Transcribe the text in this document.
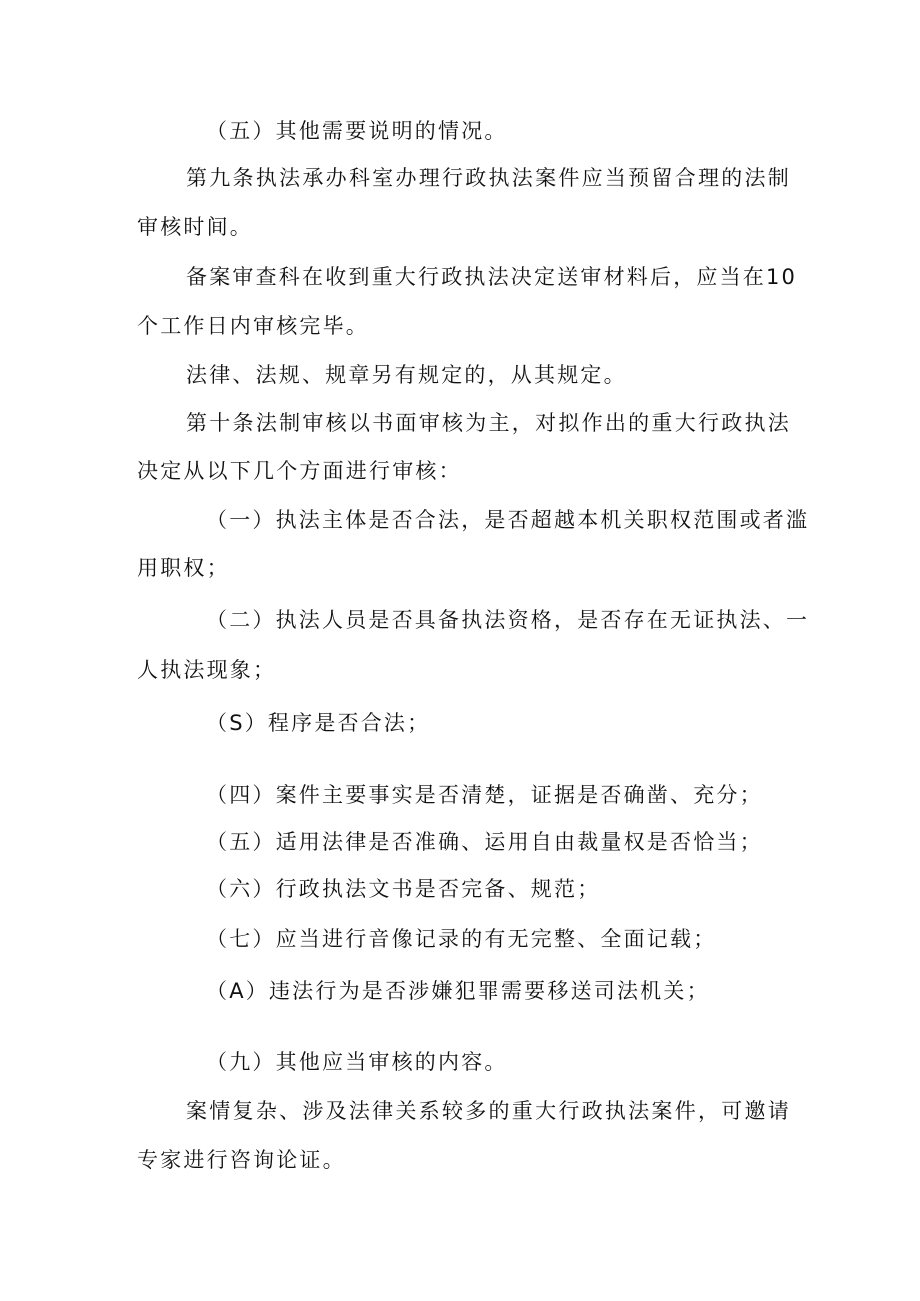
（五）其他需要说明的情况。
第九条执法承办科室办理行政执法案件应当预留合理的法制
审核时间。
备案审查科在收到重大行政执法决定送审材料后，应当在10
个工作日内审核完毕。
法律、法规、规章另有规定的，从其规定。
第十条法制审核以书面审核为主，对拟作出的重大行政执法
决定从以下几个方面进行审核：
（一）执法主体是否合法，是否超越本机关职权范围或者滥
用职权；
（二）执法人员是否具备执法资格，是否存在无证执法、一
人执法现象；
（S）程序是否合法；
（四）案件主要事实是否清楚，证据是否确凿、充分；
（五）适用法律是否准确、运用自由裁量权是否恰当；
（六）行政执法文书是否完备、规范；
（七）应当进行音像记录的有无完整、全面记载；
（A）违法行为是否涉嫌犯罪需要移送司法机关；
（九）其他应当审核的内容。
案情复杂、涉及法律关系较多的重大行政执法案件，可邀请
专家进行咨询论证。
